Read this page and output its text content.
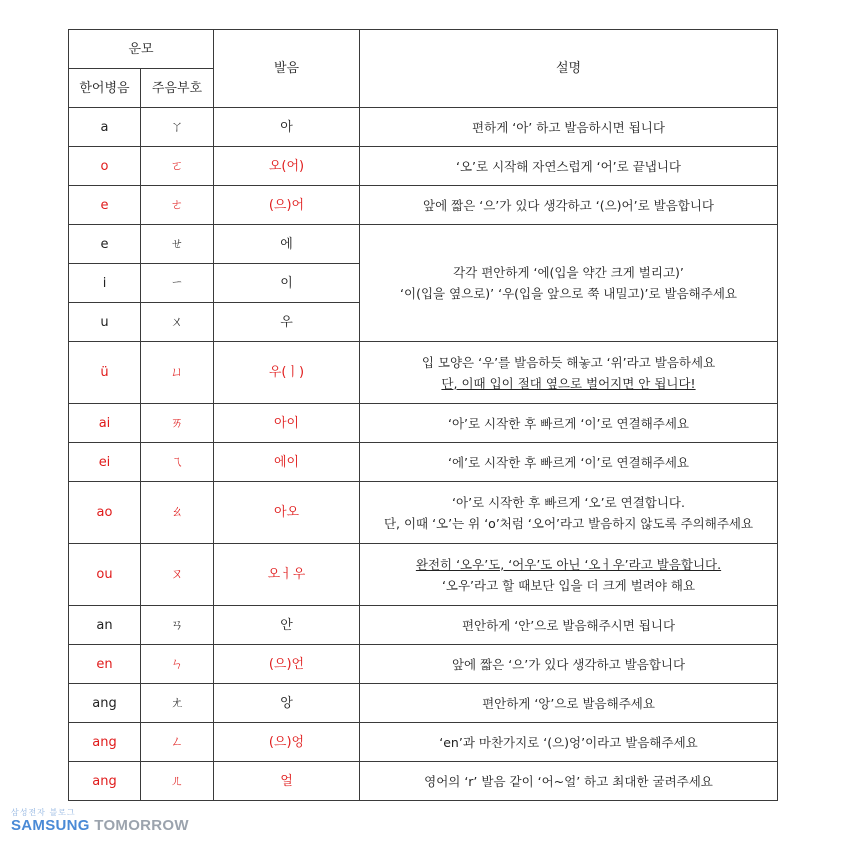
운모		발음	설명
한어병음	주음부호		
a	ㄚ	아	편하게 ‘아’ 하고 발음하시면 됩니다

o	ㄛ	오(어)	‘오’로 시작해 자연스럽게 ‘어’로 끝냅니다

e	ㄜ	(으)어	앞에 짧은 ‘으’가 있다 생각하고 ‘(으)어’로 발음합니다

e	ㄝ	에	각각 편안하게 ‘에(입을 약간 크게 벌리고)’
‘이(입을 옆으로)’ ‘우(입을 앞으로 쭉 내밀고)’로 발음해주세요

i	ㄧ	이	
u	ㄨ	우	
ü	ㄩ	우(ㅣ)	입 모양은 ‘우’를 발음하듯 해놓고 ‘위’라고 발음하세요
단, 이때 입이 절대 옆으로 벌어지면 안 됩니다!

ai	ㄞ	아이	‘아’로 시작한 후 빠르게 ‘이’로 연결해주세요

ei	ㄟ	에이	‘에’로 시작한 후 빠르게 ‘이’로 연결해주세요

ao	ㄠ	아오	‘아’로 시작한 후 빠르게 ‘오’로 연결합니다.
단, 이때 ‘오’는 위 ‘o’처럼 ‘오어’라고 발음하지 않도록 주의해주세요

ou	ㄡ	오ㅓ우	완전히 ‘오우’도, ‘어우’도 아닌 ‘오ㅓ우’라고 발음합니다.
‘오우’라고 할 때보단 입을 더 크게 벌려야 해요

an	ㄢ	안	편안하게 ‘안’으로 발음해주시면 됩니다

en	ㄣ	(으)언	앞에 짧은 ‘으’가 있다 생각하고 발음합니다

ang	ㄤ	앙	편안하게 ‘앙’으로 발음해주세요

ang	ㄥ	(으)엉	‘en’과 마찬가지로 ‘(으)엉’이라고 발음해주세요

ang	ㄦ	얼	영어의 ‘r’ 발음 같이 ‘어~얼’ 하고 최대한 굴려주세요
삼성전자 블로그
SAMSUNG TOMORROW
